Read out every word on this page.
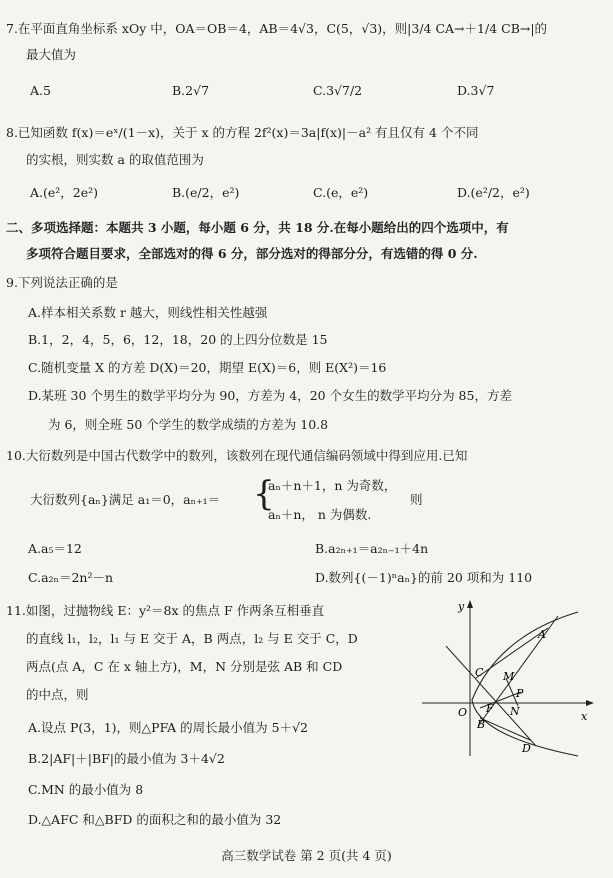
7.在平面直角坐标系 xOy 中，OA＝OB＝4，AB＝4√3，C(5，√3)，则|3/4 CA→＋1/4 CB→|的
最大值为
A.5	B.2√7	C.3√7/2	D.3√7
8.已知函数 f(x)＝eˣ/(1－x)，关于 x 的方程 2f²(x)＝3a|f(x)|－a² 有且仅有 4 个不同
的实根，则实数 a 的取值范围为
A.(e²，2e²)	B.(e/2，e²)	C.(e，e²)	D.(e²/2，e²)
二、多项选择题：本题共 3 小题，每小题 6 分，共 18 分.在每小题给出的四个选项中，有
多项符合题目要求，全部选对的得 6 分，部分选对的得部分分，有选错的得 0 分.
9.下列说法正确的是
A.样本相关系数 r 越大，则线性相关性越强
B.1，2，4，5，6，12，18，20 的上四分位数是 15
C.随机变量 X 的方差 D(X)＝20，期望 E(X)＝6，则 E(X²)＝16
D.某班 30 个男生的数学平均分为 90，方差为 4，20 个女生的数学平均分为 85，方差
为 6，则全班 50 个学生的数学成绩的方差为 10.8
10.大衍数列是中国古代数学中的数列，该数列在现代通信编码领域中得到应用.已知
大衍数列{aₙ}满足 a₁＝0，aₙ₊₁＝ {
aₙ＋n＋1，n 为奇数，
aₙ＋n， n 为偶数.
则
A.a₅＝12	B.a₂ₙ₊₁＝a₂ₙ₋₁＋4n
C.a₂ₙ＝2n²－n	D.数列{(－1)ⁿaₙ}的前 20 项和为 110
11.如图，过抛物线 E：y²＝8x 的焦点 F 作两条互相垂直
的直线 l₁，l₂，l₁ 与 E 交于 A，B 两点，l₂ 与 E 交于 C，D
两点(点 A，C 在 x 轴上方)，M，N 分别是弦 AB 和 CD
的中点，则
A.设点 P(3，1)，则△PFA 的周长最小值为 5＋√2
B.2|AF|＋|BF|的最小值为 3＋4√2
C.MN 的最小值为 8
D.△AFC 和△BFD 的面积之和的最小值为 32
y
x
O
A
C M
P
F N
B
D
高三数学试卷 第 2 页(共 4 页)
